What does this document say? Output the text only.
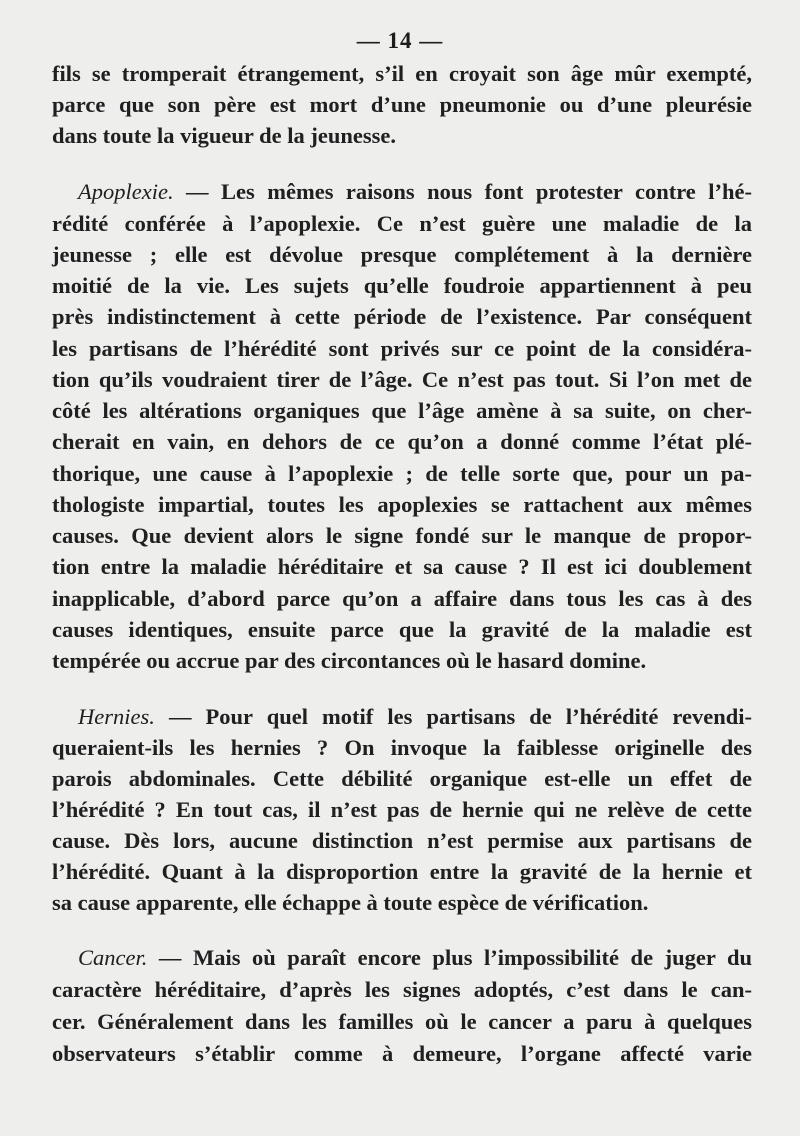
— 14 —
fils se tromperait étrangement, s’il en croyait son âge mûr exempté,
parce que son père est mort d’une pneumonie ou d’une pleurésie
dans toute la vigueur de la jeunesse.
Apoplexie. — Les mêmes raisons nous font protester contre l’hé-
rédité conférée à l’apoplexie. Ce n’est guère une maladie de la
jeunesse ; elle est dévolue presque complétement à la dernière
moitié de la vie. Les sujets qu’elle foudroie appartiennent à peu
près indistinctement à cette période de l’existence. Par conséquent
les partisans de l’hérédité sont privés sur ce point de la considéra-
tion qu’ils voudraient tirer de l’âge. Ce n’est pas tout. Si l’on met de
côté les altérations organiques que l’âge amène à sa suite, on cher-
cherait en vain, en dehors de ce qu’on a donné comme l’état plé-
thorique, une cause à l’apoplexie ; de telle sorte que, pour un pa-
thologiste impartial, toutes les apoplexies se rattachent aux mêmes
causes. Que devient alors le signe fondé sur le manque de propor-
tion entre la maladie héréditaire et sa cause ? Il est ici doublement
inapplicable, d’abord parce qu’on a affaire dans tous les cas à des
causes identiques, ensuite parce que la gravité de la maladie est
tempérée ou accrue par des circontances où le hasard domine.
Hernies. — Pour quel motif les partisans de l’hérédité revendi-
queraient-ils les hernies ? On invoque la faiblesse originelle des
parois abdominales. Cette débilité organique est-elle un effet de
l’hérédité ? En tout cas, il n’est pas de hernie qui ne relève de cette
cause. Dès lors, aucune distinction n’est permise aux partisans de
l’hérédité. Quant à la disproportion entre la gravité de la hernie et
sa cause apparente, elle échappe à toute espèce de vérification.
Cancer. — Mais où paraît encore plus l’impossibilité de juger du
caractère héréditaire, d’après les signes adoptés, c’est dans le can-
cer. Généralement dans les familles où le cancer a paru à quelques
observateurs s’établir comme à demeure, l’organe affecté varie
